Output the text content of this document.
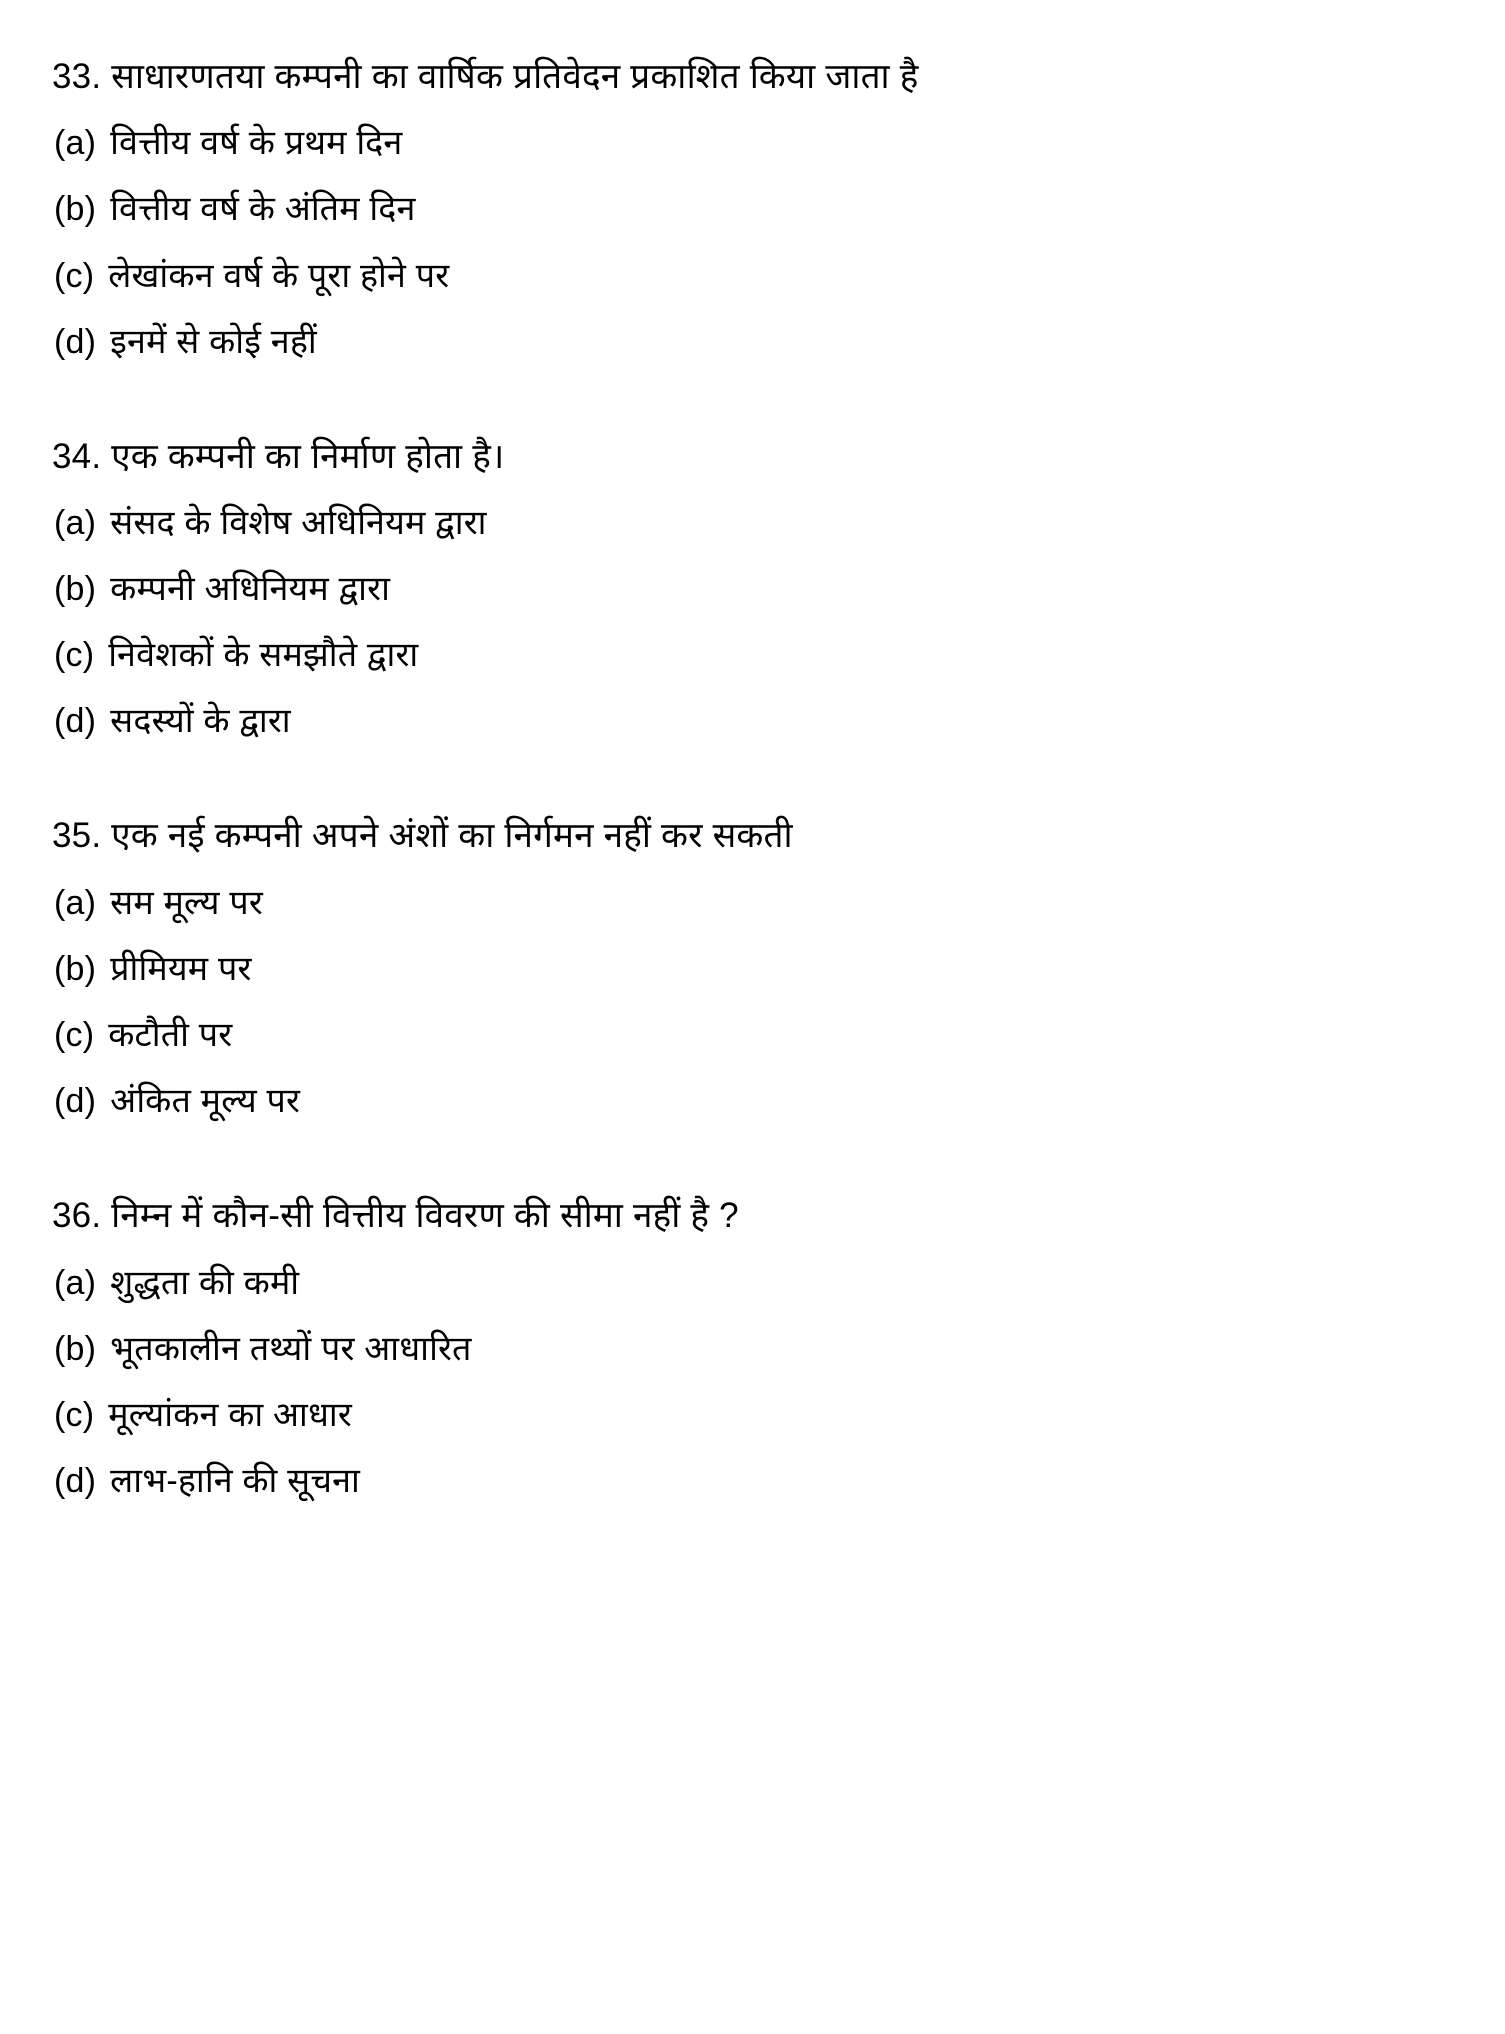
33. साधारणतया कम्पनी का वार्षिक प्रतिवेदन प्रकाशित किया जाता है

(a) वित्तीय वर्ष के प्रथम दिन
(b) वित्तीय वर्ष के अंतिम दिन
(c) लेखांकन वर्ष के पूरा होने पर
(d) इनमें से कोई नहीं

34. एक कम्पनी का निर्माण होता है।

(a) संसद के विशेष अधिनियम द्वारा
(b) कम्पनी अधिनियम द्वारा
(c) निवेशकों के समझौते द्वारा
(d) सदस्यों के द्वारा

35. एक नई कम्पनी अपने अंशों का निर्गमन नहीं कर सकती

(a) सम मूल्य पर
(b) प्रीमियम पर
(c) कटौती पर
(d) अंकित मूल्य पर

36. निम्न में कौन-सी वित्तीय विवरण की सीमा नहीं है ?

(a) शुद्धता की कमी
(b) भूतकालीन तथ्यों पर आधारित
(c) मूल्यांकन का आधार
(d) लाभ-हानि की सूचना
